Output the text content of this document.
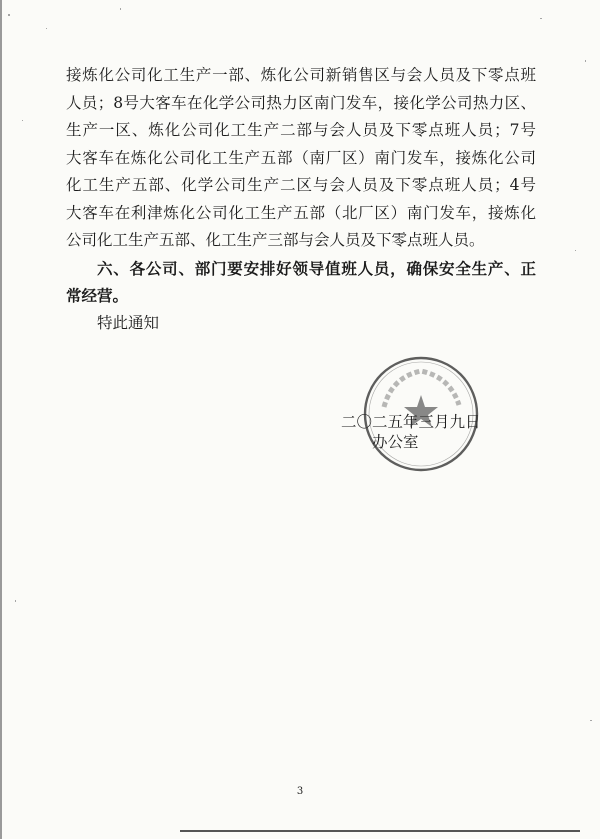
接炼化公司化工生产一部、炼化公司新销售区与会人员及下零点班
人员；8号大客车在化学公司热力区南门发车，接化学公司热力区、
生产一区、炼化公司化工生产二部与会人员及下零点班人员；7号
大客车在炼化公司化工生产五部（南厂区）南门发车，接炼化公司
化工生产五部、化学公司生产二区与会人员及下零点班人员；4号
大客车在利津炼化公司化工生产五部（北厂区）南门发车，接炼化
公司化工生产五部、化工生产三部与会人员及下零点班人员。
六、各公司、部门要安排好领导值班人员，确保安全生产、正
常经营。
特此通知
二〇二五年三月九日
办公室
3
